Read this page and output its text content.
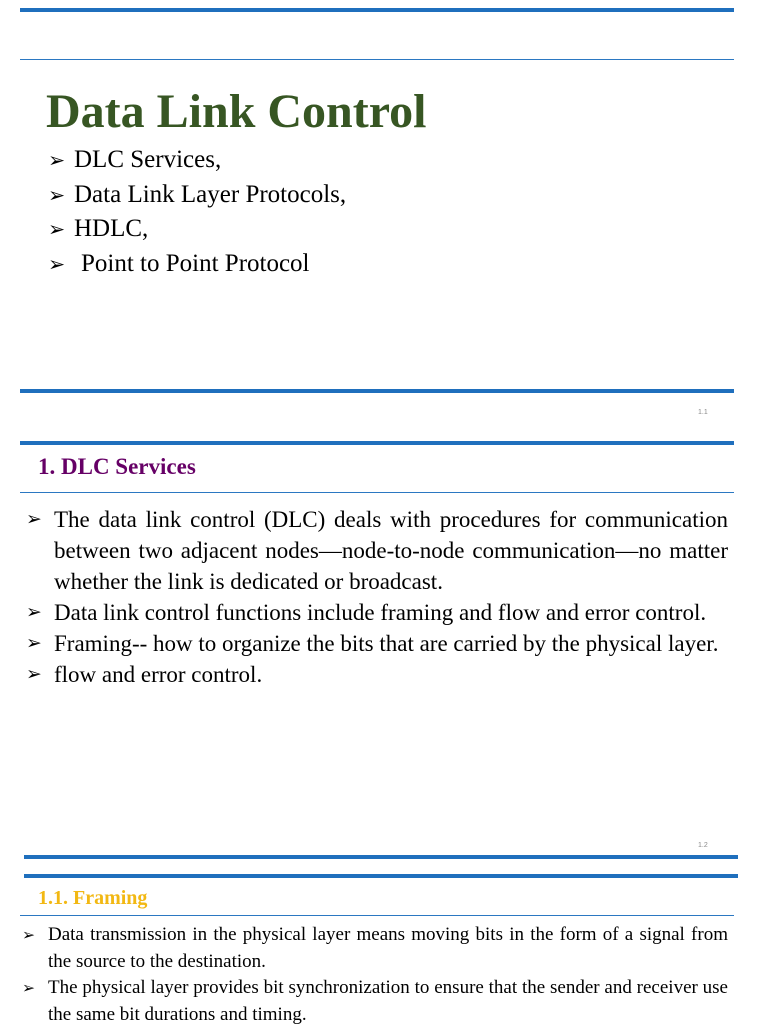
Data Link Control
➢ DLC Services,
➢ Data Link Layer Protocols,
➢ HDLC,
➢ Point to Point Protocol
1.1
1. DLC Services
➢ The data link control (DLC) deals with procedures for communication between two adjacent nodes—node-to-node communication—no matter whether the link is dedicated or broadcast.
➢ Data link control functions include framing and flow and error control.
➢ Framing-- how to organize the bits that are carried by the physical layer.
➢ flow and error control.
1.2
1.1. Framing
➢ Data transmission in the physical layer means moving bits in the form of a signal from the source to the destination.
➢ The physical layer provides bit synchronization to ensure that the sender and receiver use the same bit durations and timing.
